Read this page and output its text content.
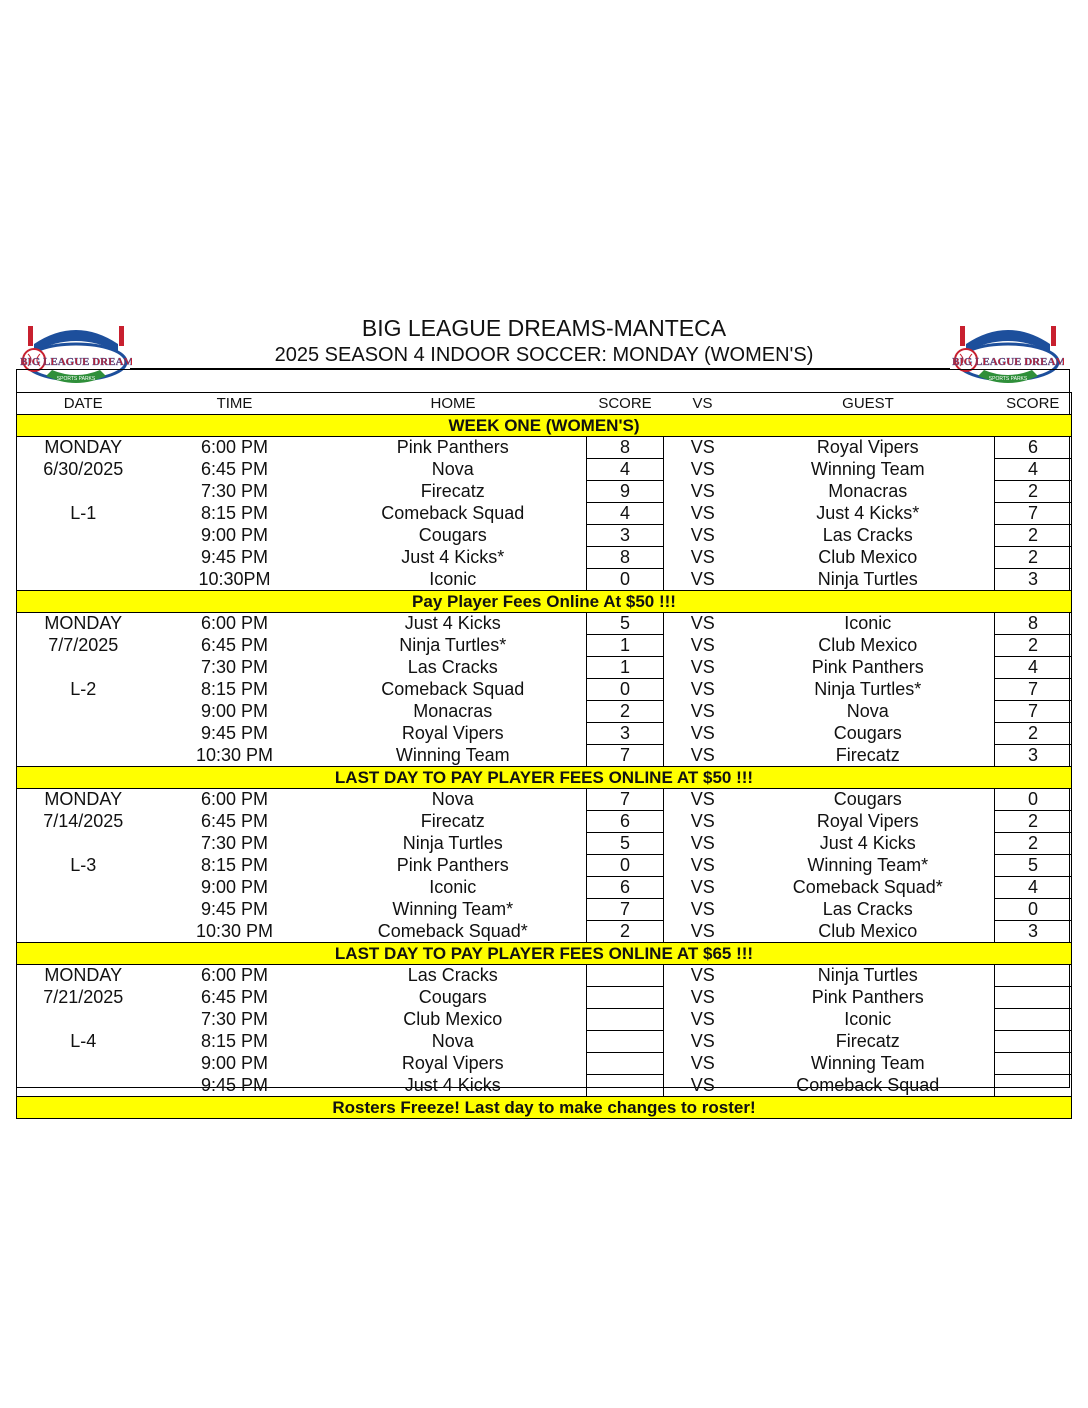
BIG LEAGUE DREAMS
SPORTS PARKS
BIG LEAGUE DREAMS
SPORTS PARKS
BIG LEAGUE DREAMS-MANTECA
2025 SEASON 4 INDOOR SOCCER: MONDAY (WOMEN'S)
DATE	TIME	HOME	SCORE	VS	GUEST	SCORE
WEEK ONE (WOMEN'S)						
MONDAY	6:00 PM	Pink Panthers	8	VS	Royal Vipers	6
6/30/2025	6:45 PM	Nova	4	VS	Winning Team	4
	7:30 PM	Firecatz	9	VS	Monacras	2
L-1	8:15 PM	Comeback Squad	4	VS	Just 4 Kicks*	7
	9:00 PM	Cougars	3	VS	Las Cracks	2
	9:45 PM	Just 4 Kicks*	8	VS	Club Mexico	2
	10:30PM	Iconic	0	VS	Ninja Turtles	3
Pay Player Fees Online At $50 !!!						
MONDAY	6:00 PM	Just 4 Kicks	5	VS	Iconic	8
7/7/2025	6:45 PM	Ninja Turtles*	1	VS	Club Mexico	2
	7:30 PM	Las Cracks	1	VS	Pink Panthers	4
L-2	8:15 PM	Comeback Squad	0	VS	Ninja Turtles*	7
	9:00 PM	Monacras	2	VS	Nova	7
	9:45 PM	Royal Vipers	3	VS	Cougars	2
	10:30 PM	Winning Team	7	VS	Firecatz	3
LAST DAY TO PAY PLAYER FEES ONLINE AT $50 !!!						
MONDAY	6:00 PM	Nova	7	VS	Cougars	0
7/14/2025	6:45 PM	Firecatz	6	VS	Royal Vipers	2
	7:30 PM	Ninja Turtles	5	VS	Just 4 Kicks	2
L-3	8:15 PM	Pink Panthers	0	VS	Winning Team*	5
	9:00 PM	Iconic	6	VS	Comeback Squad*	4
	9:45 PM	Winning Team*	7	VS	Las Cracks	0
	10:30 PM	Comeback Squad*	2	VS	Club Mexico	3
LAST DAY TO PAY PLAYER FEES ONLINE AT $65 !!!						
MONDAY	6:00 PM	Las Cracks		VS	Ninja Turtles	
7/21/2025	6:45 PM	Cougars		VS	Pink Panthers	
	7:30 PM	Club Mexico		VS	Iconic	
L-4	8:15 PM	Nova		VS	Firecatz	
	9:00 PM	Royal Vipers		VS	Winning Team	
	9:45 PM	Just 4 Kicks		VS	Comeback Squad	
Rosters Freeze! Last day to make changes to roster!						
